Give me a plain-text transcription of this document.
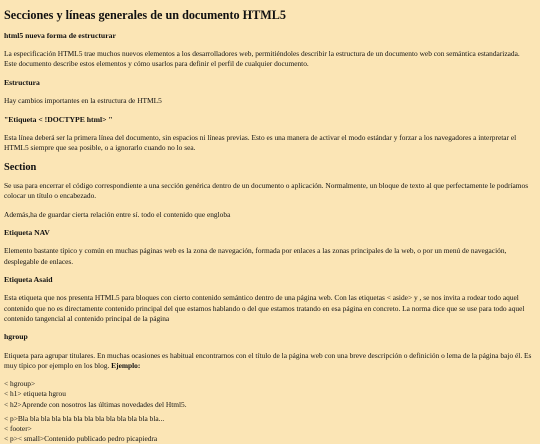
Secciones y líneas generales de un documento HTML5
html5 nueva forma de estructurar

La especificación HTML5 trae muchos nuevos elementos a los desarrolladores web, permitiéndoles describir la estructura de un documento web con semántica estandarizada. Este documento describe estos elementos y cómo usarlos para definir el perfil de cualquier documento.

Estructura

Hay cambios importantes en la estructura de HTML5

"Etiqueta < !DOCTYPE html> "

Esta línea deberá ser la primera línea del documento, sin espacios ni líneas previas. Esto es una manera de activar el modo estándar y forzar a los navegadores a interpretar el HTML5 siempre que sea posible, o a ignorarlo cuando no lo sea.

Section

Se usa para encerrar el código correspondiente a una sección genérica dentro de un documento o aplicación. Normalmente, un bloque de texto al que perfectamente le podríamos colocar un título o encabezado.

Además,ha de guardar cierta relación entre sí. todo el contenido que engloba

Etiqueta NAV

Elemento bastante típico y común en muchas páginas web es la zona de navegación, formada por enlaces a las zonas principales de la web, o por un menú de navegación, desplegable de enlaces.

Etiqueta Asaid

Esta etiqueta que nos presenta HTML5 para bloques con cierto contenido semántico dentro de una página web. Con las etiquetas < aside> y , se nos invita a rodear todo aquel contenido que no es directamente contenido principal del que estamos hablando o del que estamos tratando en esa página en concreto. La norma dice que se use para todo aquel contenido tangencial al contenido principal de la página

hgroup

Etiqueta para agrupar titulares. En muchas ocasiones es habitual encontrarnos con el título de la página web con una breve descripción o definición o lema de la página bajo él. Es muy típico por ejemplo en los blog. Ejemplo:

< hgroup>
< h1> etiqueta hgrou
< h2>Aprende con nosotros las últimas novedades del Html5.

< p>Bla bla bla bla bla bla bla bla bla bla bla bla bla...
< footer>
< p>< small>Contenido publicado pedro picapiedra
